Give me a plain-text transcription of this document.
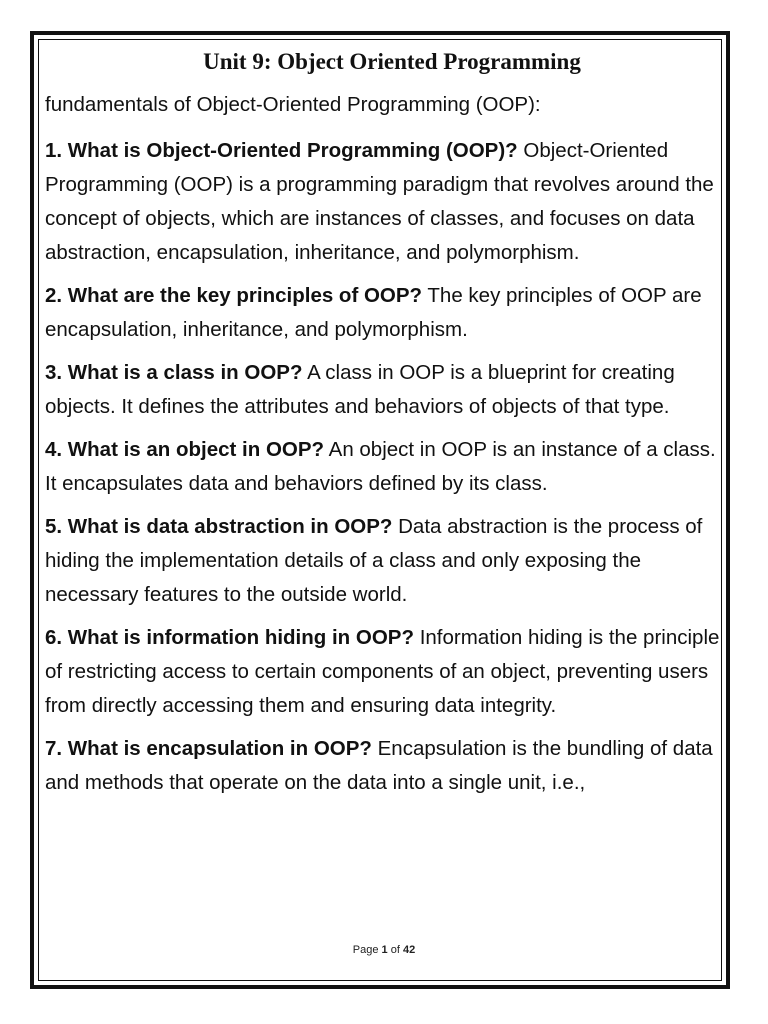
Unit 9: Object Oriented Programming

fundamentals of Object-Oriented Programming (OOP):

1. What is Object-Oriented Programming (OOP)? Object-Oriented Programming (OOP) is a programming paradigm that revolves around the concept of objects, which are instances of classes, and focuses on data abstraction, encapsulation, inheritance, and polymorphism.

2. What are the key principles of OOP? The key principles of OOP are encapsulation, inheritance, and polymorphism.

3. What is a class in OOP? A class in OOP is a blueprint for creating objects. It defines the attributes and behaviors of objects of that type.

4. What is an object in OOP? An object in OOP is an instance of a class. It encapsulates data and behaviors defined by its class.

5. What is data abstraction in OOP? Data abstraction is the process of hiding the implementation details of a class and only exposing the necessary features to the outside world.

6. What is information hiding in OOP? Information hiding is the principle of restricting access to certain components of an object, preventing users from directly accessing them and ensuring data integrity.

7. What is encapsulation in OOP? Encapsulation is the bundling of data and methods that operate on the data into a single unit, i.e.,

Page 1 of 42
